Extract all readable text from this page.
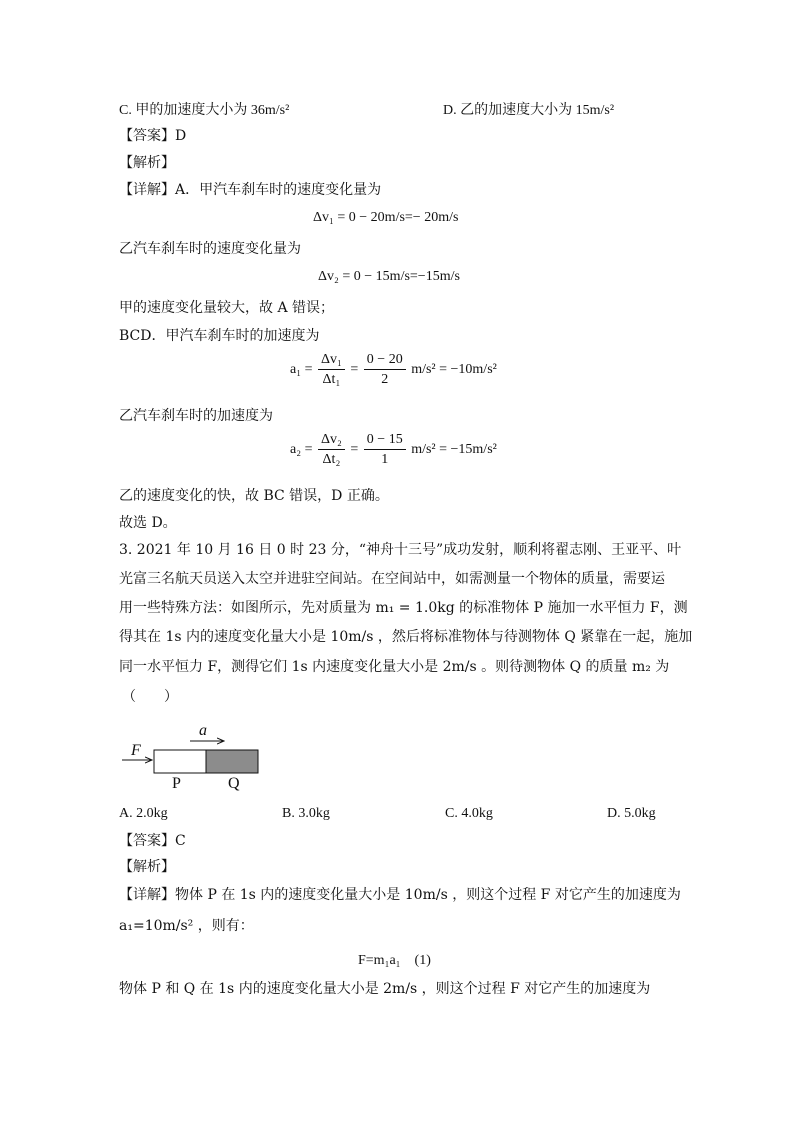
C. 甲的加速度大小为 36m/s²	D. 乙的加速度大小为 15m/s²
【答案】D
【解析】
【详解】A．甲汽车刹车时的速度变化量为
Δv₁ = 0 − 20m/s=− 20m/s
乙汽车刹车时的速度变化量为
Δv₂ = 0 − 15m/s=−15m/s
甲的速度变化量较大，故 A 错误；
BCD．甲汽车刹车时的加速度为
$a_1 = \frac{\text{Δv₁}}{\text{Δt₁}} = \frac{0 - 20}{2} m/s^2 = -10m/s^2$
乙汽车刹车时的加速度为
$a_2 = \frac{\text{Δv₂}}{\text{Δt₂}} = \frac{0 - 15}{1} m/s^2 = -15m/s^2$
乙的速度变化的快，故 BC 错误，D 正确。
故选 D。
3. 2021 年 10 月 16 日 0 时 23 分，“神舟十三号”成功发射，顺利将翟志刚、王亚平、叶
光富三名航天员送入太空并进驻空间站。在空间站中，如需测量一个物体的质量，需要运
用一些特殊方法：如图所示，先对质量为 m₁ = 1.0kg 的标准物体 P 施加一水平恒力 F，测
得其在 1s 内的速度变化量大小是 10m/s ，然后将标准物体与待测物体 Q 紧靠在一起，施加
同一水平恒力 F，测得它们 1s 内速度变化量大小是 2m/s 。则待测物体 Q 的质量 m₂ 为
（　　）
F
a
P	Q
A. 2.0kg	B. 3.0kg	C. 4.0kg	D. 5.0kg
【答案】C
【解析】
【详解】物体 P 在 1s 内的速度变化量大小是 10m/s ，则这个过程 F 对它产生的加速度为
a₁=10m/s² ，则有：
F=m₁a₁　(1)
物体 P 和 Q 在 1s 内的速度变化量大小是 2m/s ，则这个过程 F 对它产生的加速度为
